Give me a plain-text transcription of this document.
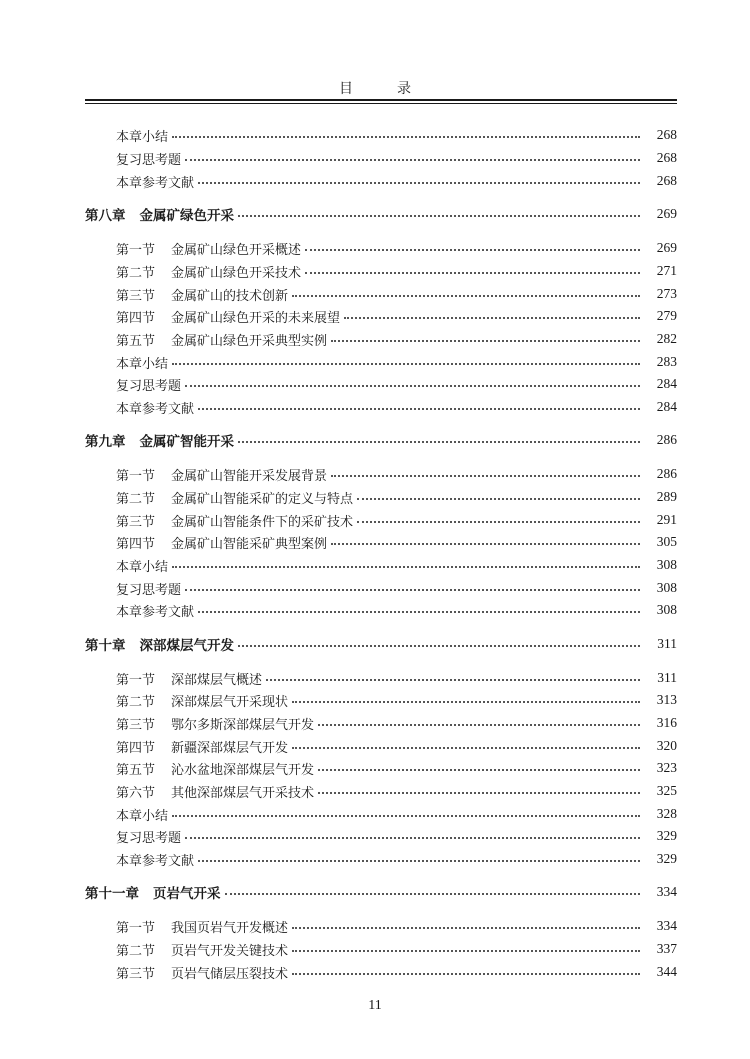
目	录
本章小结	268
复习思考题	268
本章参考文献	268
第八章 金属矿绿色开采	269
第一节 金属矿山绿色开采概述	269
第二节 金属矿山绿色开采技术	271
第三节 金属矿山的技术创新	273
第四节 金属矿山绿色开采的未来展望	279
第五节 金属矿山绿色开采典型实例	282
本章小结	283
复习思考题	284
本章参考文献	284
第九章 金属矿智能开采	286
第一节 金属矿山智能开采发展背景	286
第二节 金属矿山智能采矿的定义与特点	289
第三节 金属矿山智能条件下的采矿技术	291
第四节 金属矿山智能采矿典型案例	305
本章小结	308
复习思考题	308
本章参考文献	308
第十章 深部煤层气开发	311
第一节 深部煤层气概述	311
第二节 深部煤层气开采现状	313
第三节 鄂尔多斯深部煤层气开发	316
第四节 新疆深部煤层气开发	320
第五节 沁水盆地深部煤层气开发	323
第六节 其他深部煤层气开采技术	325
本章小结	328
复习思考题	329
本章参考文献	329
第十一章 页岩气开采	334
第一节 我国页岩气开发概述	334
第二节 页岩气开发关键技术	337
第三节 页岩气储层压裂技术	344
11
